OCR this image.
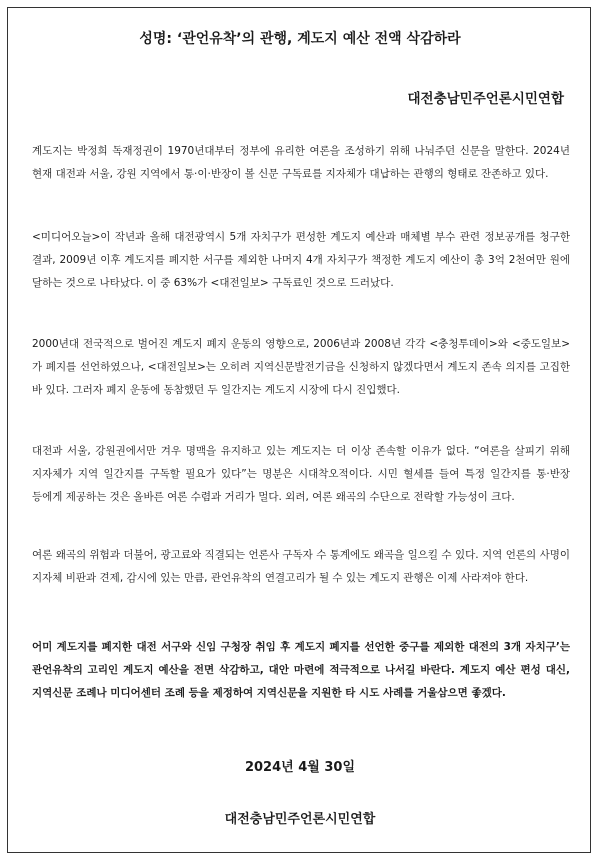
성명: ‘관언유착’의 관행, 계도지 예산 전액 삭감하라
대전충남민주언론시민연합
계도지는 박정희 독재정권이 1970년대부터 정부에 유리한 여론을 조성하기 위해 나눠주던 신문을 말한다. 2024년 현재 대전과 서울, 강원 지역에서 통·이·반장이 볼 신문 구독료를 지자체가 대납하는 관행의 형태로 잔존하고 있다.
<미디어오늘>이 작년과 올해 대전광역시 5개 자치구가 편성한 계도지 예산과 매체별 부수 관련 정보공개를 청구한 결과, 2009년 이후 계도지를 폐지한 서구를 제외한 나머지 4개 자치구가 책정한 계도지 예산이 총 3억 2천여만 원에 달하는 것으로 나타났다. 이 중 63%가 <대전일보> 구독료인 것으로 드러났다.
2000년대 전국적으로 벌어진 계도지 폐지 운동의 영향으로, 2006년과 2008년 각각 <충청투데이>와 <중도일보>가 폐지를 선언하였으나, <대전일보>는 오히려 지역신문발전기금을 신청하지 않겠다면서 계도지 존속 의지를 고집한 바 있다. 그러자 폐지 운동에 동참했던 두 일간지는 계도지 시장에 다시 진입했다.
대전과 서울, 강원권에서만 겨우 명맥을 유지하고 있는 계도지는 더 이상 존속할 이유가 없다. “여론을 살피기 위해 지자체가 지역 일간지를 구독할 필요가 있다”는 명분은 시대착오적이다. 시민 혈세를 들여 특정 일간지를 통·반장 등에게 제공하는 것은 올바른 여론 수렴과 거리가 멀다. 외려, 여론 왜곡의 수단으로 전락할 가능성이 크다.
여론 왜곡의 위험과 더불어, 광고료와 직결되는 언론사 구독자 수 통계에도 왜곡을 일으킬 수 있다. 지역 언론의 사명이 지자체 비판과 견제, 감시에 있는 만큼, 관언유착의 연결고리가 될 수 있는 계도지 관행은 이제 사라져야 한다.
어미 계도지를 폐지한 대전 서구와 신임 구청장 취임 후 계도지 폐지를 선언한 중구를 제외한 대전의 3개 자치구’는 관언유착의 고리인 계도지 예산을 전면 삭감하고, 대안 마련에 적극적으로 나서길 바란다. 계도지 예산 편성 대신, 지역신문 조례나 미디어센터 조례 등을 제정하여 지역신문을 지원한 타 시도 사례를 거울삼으면 좋겠다.
2024년 4월 30일
대전충남민주언론시민연합
